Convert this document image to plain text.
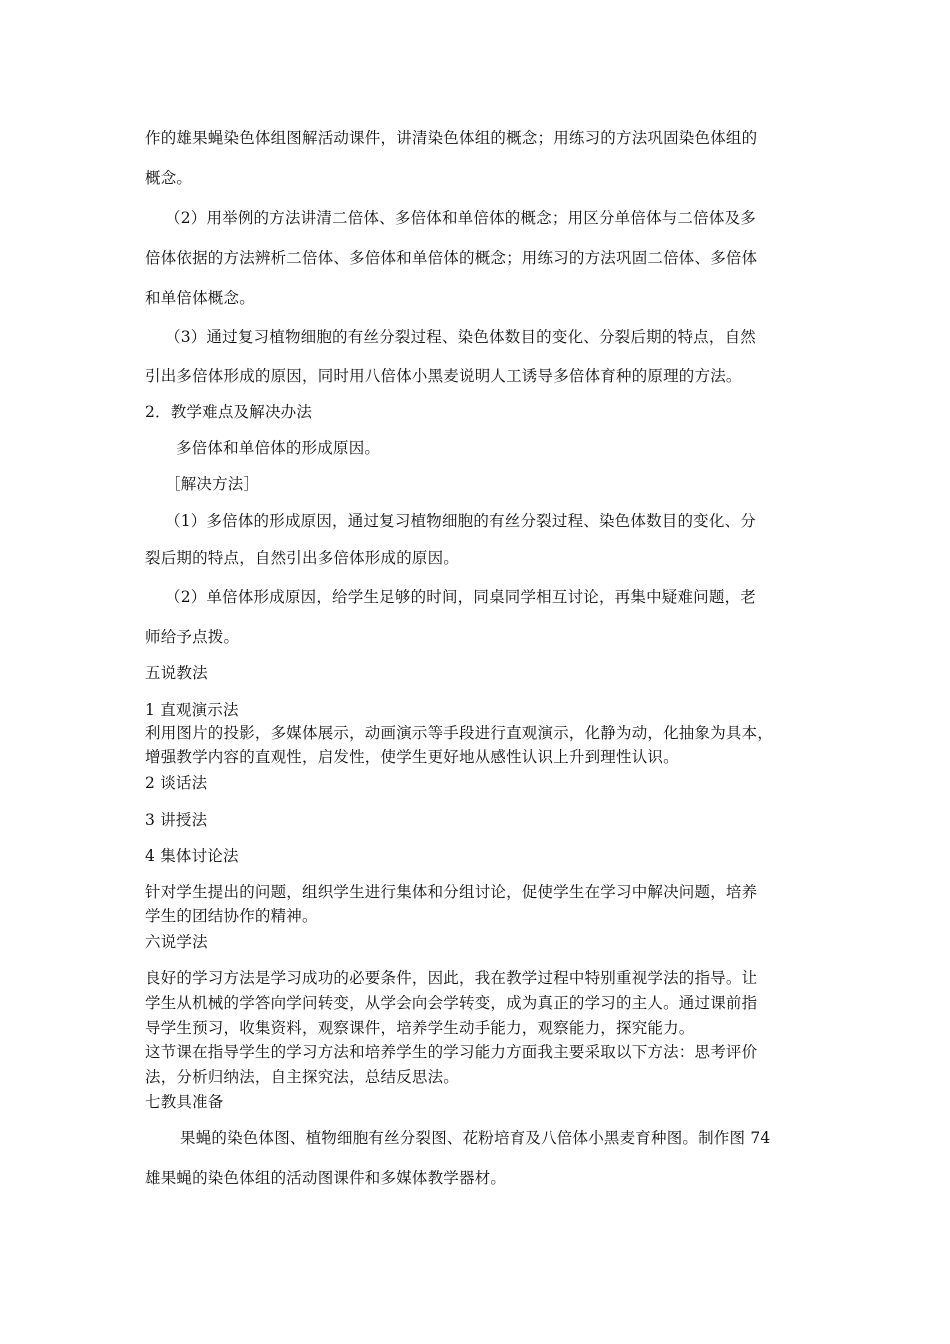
作的雄果蝇染色体组图解活动课件，讲清染色体组的概念；用练习的方法巩固染色体组的
概念。
（2）用举例的方法讲清二倍体、多倍体和单倍体的概念；用区分单倍体与二倍体及多
倍体依据的方法辨析二倍体、多倍体和单倍体的概念；用练习的方法巩固二倍体、多倍体
和单倍体概念。
（3）通过复习植物细胞的有丝分裂过程、染色体数目的变化、分裂后期的特点，自然
引出多倍体形成的原因，同时用八倍体小黑麦说明人工诱导多倍体育种的原理的方法。
2．教学难点及解决办法
多倍体和单倍体的形成原因。
［解决方法］
（1）多倍体的形成原因，通过复习植物细胞的有丝分裂过程、染色体数目的变化、分
裂后期的特点，自然引出多倍体形成的原因。
（2）单倍体形成原因，给学生足够的时间，同桌同学相互讨论，再集中疑难问题，老
师给予点拨。
五说教法
1 直观演示法
利用图片的投影，多媒体展示，动画演示等手段进行直观演示，化静为动，化抽象为具本，
增强教学内容的直观性，启发性，使学生更好地从感性认识上升到理性认识。
2 谈话法
3 讲授法
4 集体讨论法
针对学生提出的问题，组织学生进行集体和分组讨论，促使学生在学习中解决问题，培养
学生的团结协作的精神。
六说学法
良好的学习方法是学习成功的必要条件，因此，我在教学过程中特别重视学法的指导。让
学生从机械的学答向学问转变，从学会向会学转变，成为真正的学习的主人。通过课前指
导学生预习，收集资料，观察课件，培养学生动手能力，观察能力，探究能力。
这节课在指导学生的学习方法和培养学生的学习能力方面我主要采取以下方法：思考评价
法，分析归纳法，自主探究法，总结反思法。
七教具准备
果蝇的染色体图、植物细胞有丝分裂图、花粉培育及八倍体小黑麦育种图。制作图 74
雄果蝇的染色体组的活动图课件和多媒体教学器材。
